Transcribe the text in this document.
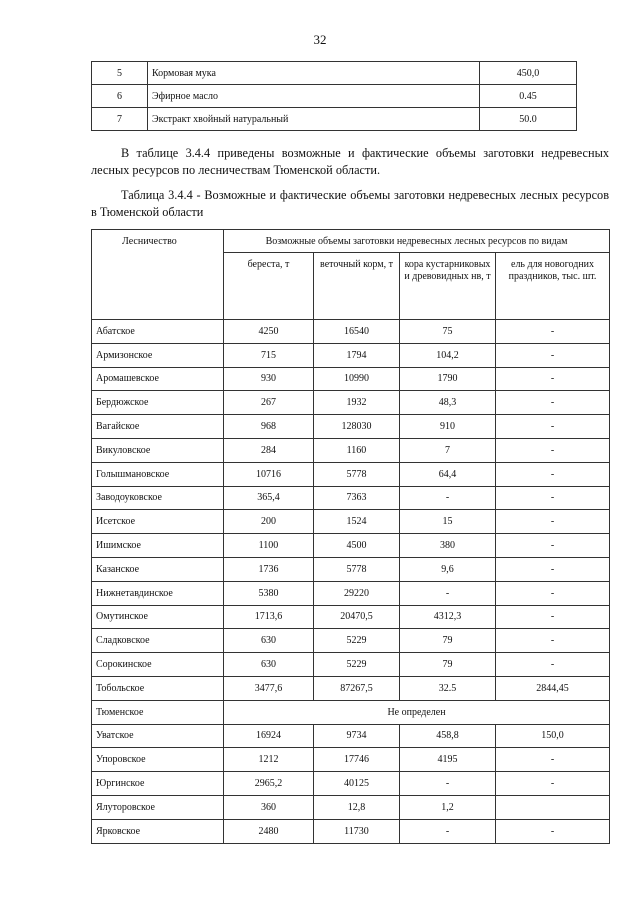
32
5	Кормовая мука	450,0
6	Эфирное масло	0.45
7	Экстракт хвойный натуральный	50.0

В таблице 3.4.4 приведены возможные и фактические объемы заготовки недревесных лесных ресурсов по лесничествам Тюменской области.

Таблица 3.4.4 - Возможные и фактические объемы заготовки недревесных лесных ресурсов в Тюменской области

Лесничество	Возможные объемы заготовки недревесных лесных ресурсов по видам			
	береста, т	веточный корм, т	кора кустарниковых и древовидных нв, т	ель для новогодних праздников, тыс. шт.
Абатское	4250	16540	75	-
Армизонское	715	1794	104,2	-
Аромашевское	930	10990	1790	-
Бердюжское	267	1932	48,3	-
Вагайское	968	128030	910	-
Викуловское	284	1160	7	-
Голышмановское	10716	5778	64,4	-
Заводоуковское	365,4	7363	-	-
Исетское	200	1524	15	-
Ишимское	1100	4500	380	-
Казанское	1736	5778	9,6	-
Нижнетавдинское	5380	29220	-	-
Омутинское	1713,6	20470,5	4312,3	-
Сладковское	630	5229	79	-
Сорокинское	630	5229	79	-
Тобольское	3477,6	87267,5	32.5	2844,45
Тюменское	Не определен			
Уватское	16924	9734	458,8	150,0
Упоровское	1212	17746	4195	-
Юргинское	2965,2	40125	-	-
Ялуторовское	360	12,8	1,2	
Ярковское	2480	11730	-	-
